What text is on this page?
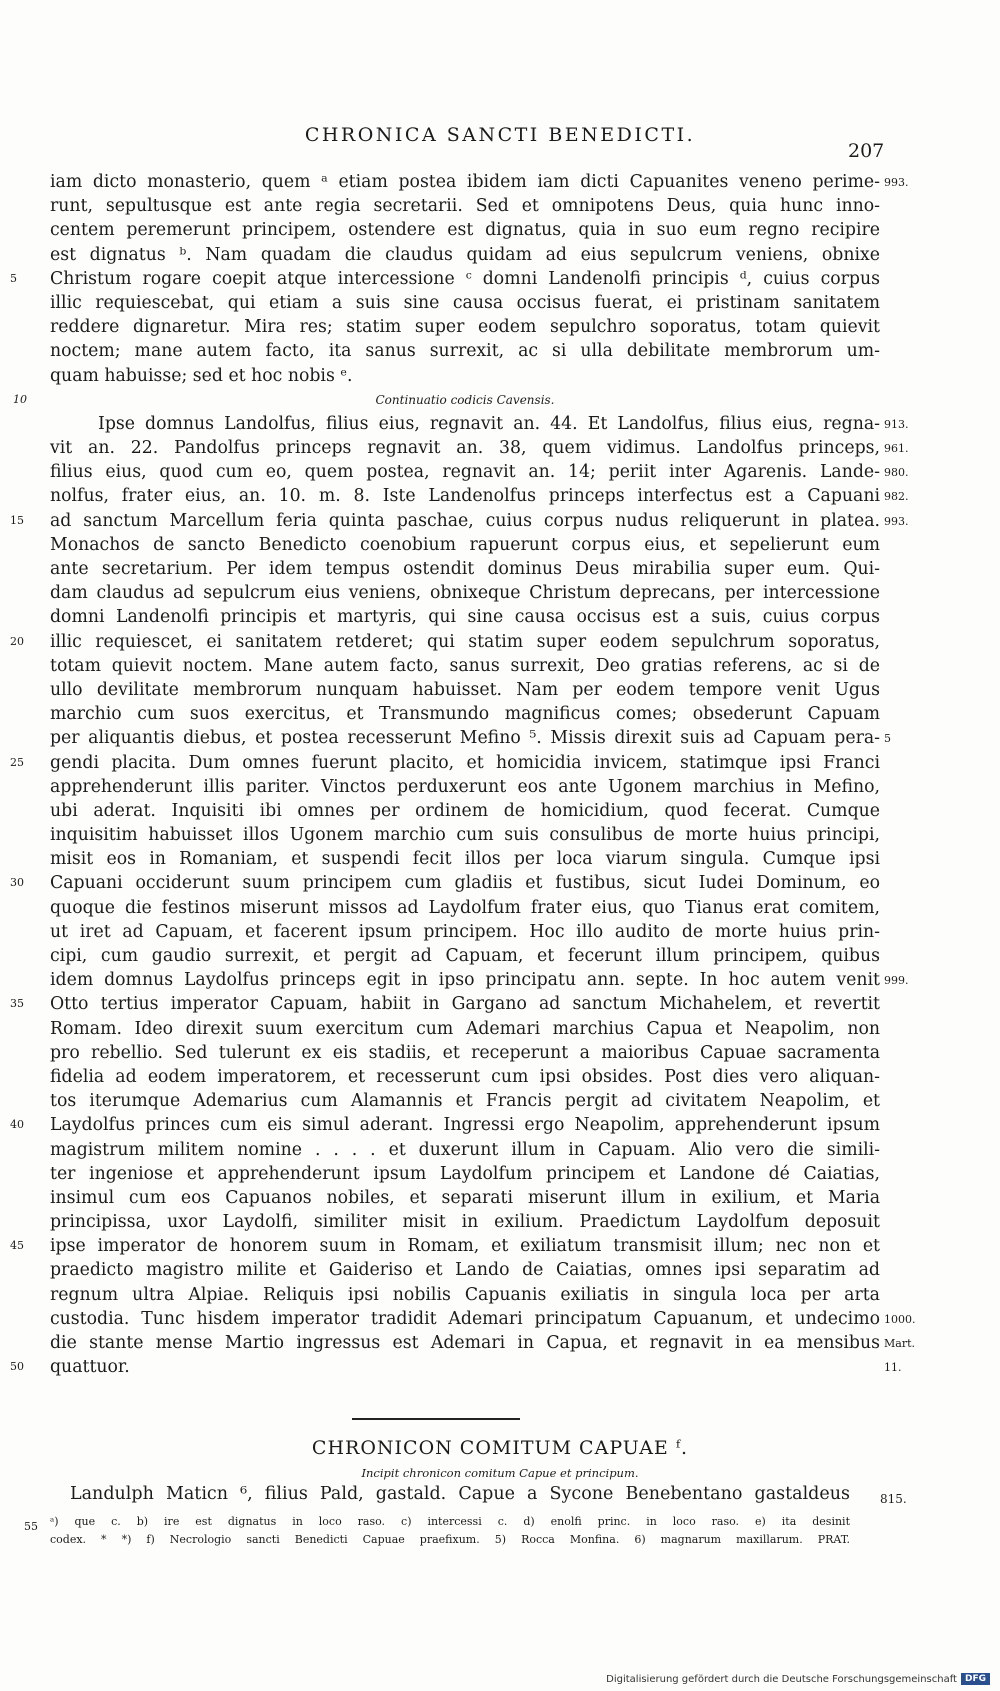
CHRONICA SANCTI BENEDICTI.
207
iam dicto monasterio, quem ᵃ etiam postea ibidem iam dicti Capuanites veneno perime- 993.
runt, sepultusque est ante regia secretarii. Sed et omnipotens Deus, quia hunc inno-
centem peremerunt principem, ostendere est dignatus, quia in suo eum regno recipire
est dignatus ᵇ. Nam quadam die claudus quidam ad eius sepulcrum veniens, obnixe
Christum rogare coepit atque intercessione ᶜ domni Landenolfi principis ᵈ, cuius corpus
5
illic requiescebat, qui etiam a suis sine causa occisus fuerat, ei pristinam sanitatem
reddere dignaretur. Mira res; statim super eodem sepulchro soporatus, totam quievit
noctem; mane autem facto, ita sanus surrexit, ac si ulla debilitate membrorum um-
quam habuisse; sed et hoc nobis ᵉ.
Continuatio codicis Cavensis.
10
Ipse domnus Landolfus, filius eius, regnavit an. 44. Et Landolfus, filius eius, regna- 913.
vit an. 22. Pandolfus princeps regnavit an. 38, quem vidimus. Landolfus princeps, 961.
filius eius, quod cum eo, quem postea, regnavit an. 14; periit inter Agarenis. Lande- 980.
nolfus, frater eius, an. 10. m. 8. Iste Landenolfus princeps interfectus est a Capuani 982.
ad sanctum Marcellum feria quinta paschae, cuius corpus nudus reliquerunt in platea.
15	993.
Monachos de sancto Benedicto coenobium rapuerunt corpus eius, et sepelierunt eum
ante secretarium. Per idem tempus ostendit dominus Deus mirabilia super eum. Qui-
dam claudus ad sepulcrum eius veniens, obnixeque Christum deprecans, per intercessione
domni Landenolfi principis et martyris, qui sine causa occisus est a suis, cuius corpus
illic requiescet, ei sanitatem retderet; qui statim super eodem sepulchrum soporatus,
20
totam quievit noctem. Mane autem facto, sanus surrexit, Deo gratias referens, ac si de
ullo devilitate membrorum nunquam habuisset. Nam per eodem tempore venit Ugus
marchio cum suos exercitus, et Transmundo magnificus comes; obsederunt Capuam
per aliquantis diebus, et postea recesserunt Mefino ⁵. Missis direxit suis ad Capuam pera- 5
gendi placita. Dum omnes fuerunt placito, et homicidia invicem, statimque ipsi Franci
25
apprehenderunt illis pariter. Vinctos perduxerunt eos ante Ugonem marchius in Mefino,
ubi aderat. Inquisiti ibi omnes per ordinem de homicidium, quod fecerat. Cumque
inquisitim habuisset illos Ugonem marchio cum suis consulibus de morte huius principi,
misit eos in Romaniam, et suspendi fecit illos per loca viarum singula. Cumque ipsi
Capuani occiderunt suum principem cum gladiis et fustibus, sicut Iudei Dominum, eo
30
quoque die festinos miserunt missos ad Laydolfum frater eius, quo Tianus erat comitem,
ut iret ad Capuam, et facerent ipsum principem. Hoc illo audito de morte huius prin-
cipi, cum gaudio surrexit, et pergit ad Capuam, et fecerunt illum principem, quibus
idem domnus Laydolfus princeps egit in ipso principatu ann. septe. In hoc autem venit 999.
Otto tertius imperator Capuam, habiit in Gargano ad sanctum Michahelem, et revertit
35
Romam. Ideo direxit suum exercitum cum Ademari marchius Capua et Neapolim, non
pro rebellio. Sed tulerunt ex eis stadiis, et receperunt a maioribus Capuae sacramenta
fidelia ad eodem imperatorem, et recesserunt cum ipsi obsides. Post dies vero aliquan-
tos iterumque Ademarius cum Alamannis et Francis pergit ad civitatem Neapolim, et
Laydolfus princes cum eis simul aderant. Ingressi ergo Neapolim, apprehenderunt ipsum
40
magistrum militem nomine . . . . et duxerunt illum in Capuam. Alio vero die simili-
ter ingeniose et apprehenderunt ipsum Laydolfum principem et Landone dé Caiatias,
insimul cum eos Capuanos nobiles, et separati miserunt illum in exilium, et Maria
principissa, uxor Laydolfi, similiter misit in exilium. Praedictum Laydolfum deposuit
ipse imperator de honorem suum in Romam, et exiliatum transmisit illum; nec non et
45
praedicto magistro milite et Gaiderisо et Lando de Caiatias, omnes ipsi separatim ad
regnum ultra Alpiae. Reliquis ipsi nobilis Capuanis exiliatis in singula loca per arta
custodia. Tunc hisdem imperator tradidit Ademari principatum Capuanum, et undecimo 1000.
die stante mense Martio ingressus est Ademari in Capua, et regnavit in ea mensibus Mart.
quattuor.
50	11.
CHRONICON COMITUM CAPUAE ᶠ.
Incipit chronicon comitum Capue et principum.
Landulph Maticn ⁶, filius Pald, gastald. Capue a Sycone Benebentano gastaldeus	815.
55 ᵃ) que c. b) ire est dignatus in loco raso. c) intercessi c. d) enolfi princ. in loco raso. e) ita desinit
codex. * *) f) Necrologio sancti Benedicti Capuae praefixum. 5) Rocca Monfina. 6) magnarum maxillarum. PRAT.
Digitalisierung gefördert durch die Deutsche Forschungsgemeinschaft DFG
